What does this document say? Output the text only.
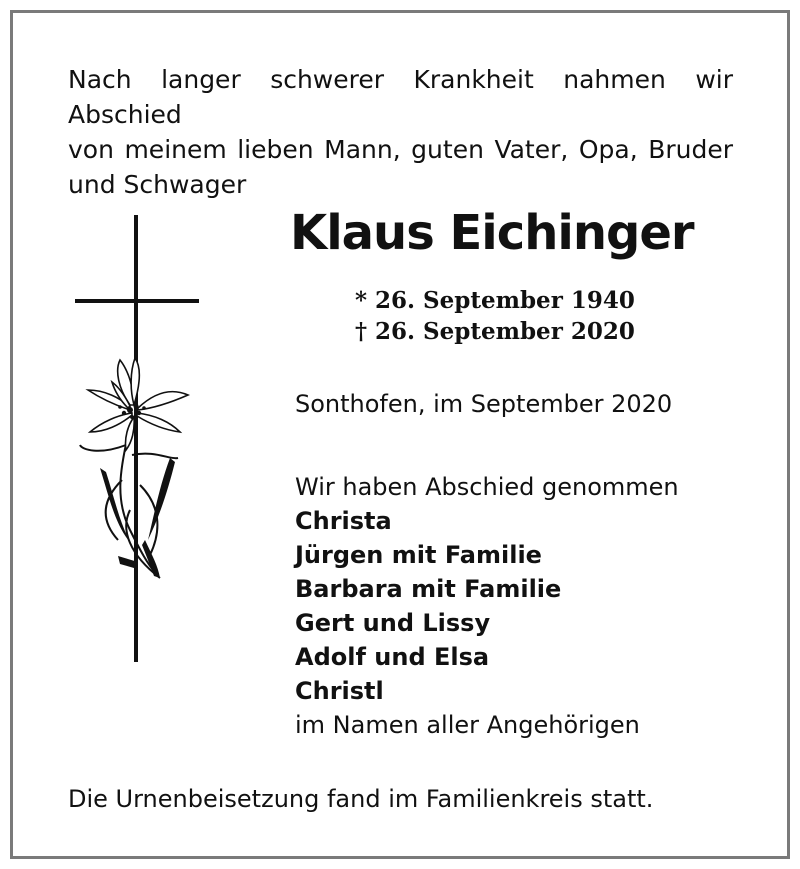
Nach langer schwerer Krankheit nahmen wir Abschied
von meinem lieben Mann, guten Vater, Opa, Bruder
und Schwager
Klaus Eichinger
* 26. September 1940
† 26. September 2020
Sonthofen, im September 2020
Wir haben Abschied genommen
Christa
Jürgen mit Familie
Barbara mit Familie
Gert und Lissy
Adolf und Elsa
Christl
im Namen aller Angehörigen
Die Urnenbeisetzung fand im Familienkreis statt.
